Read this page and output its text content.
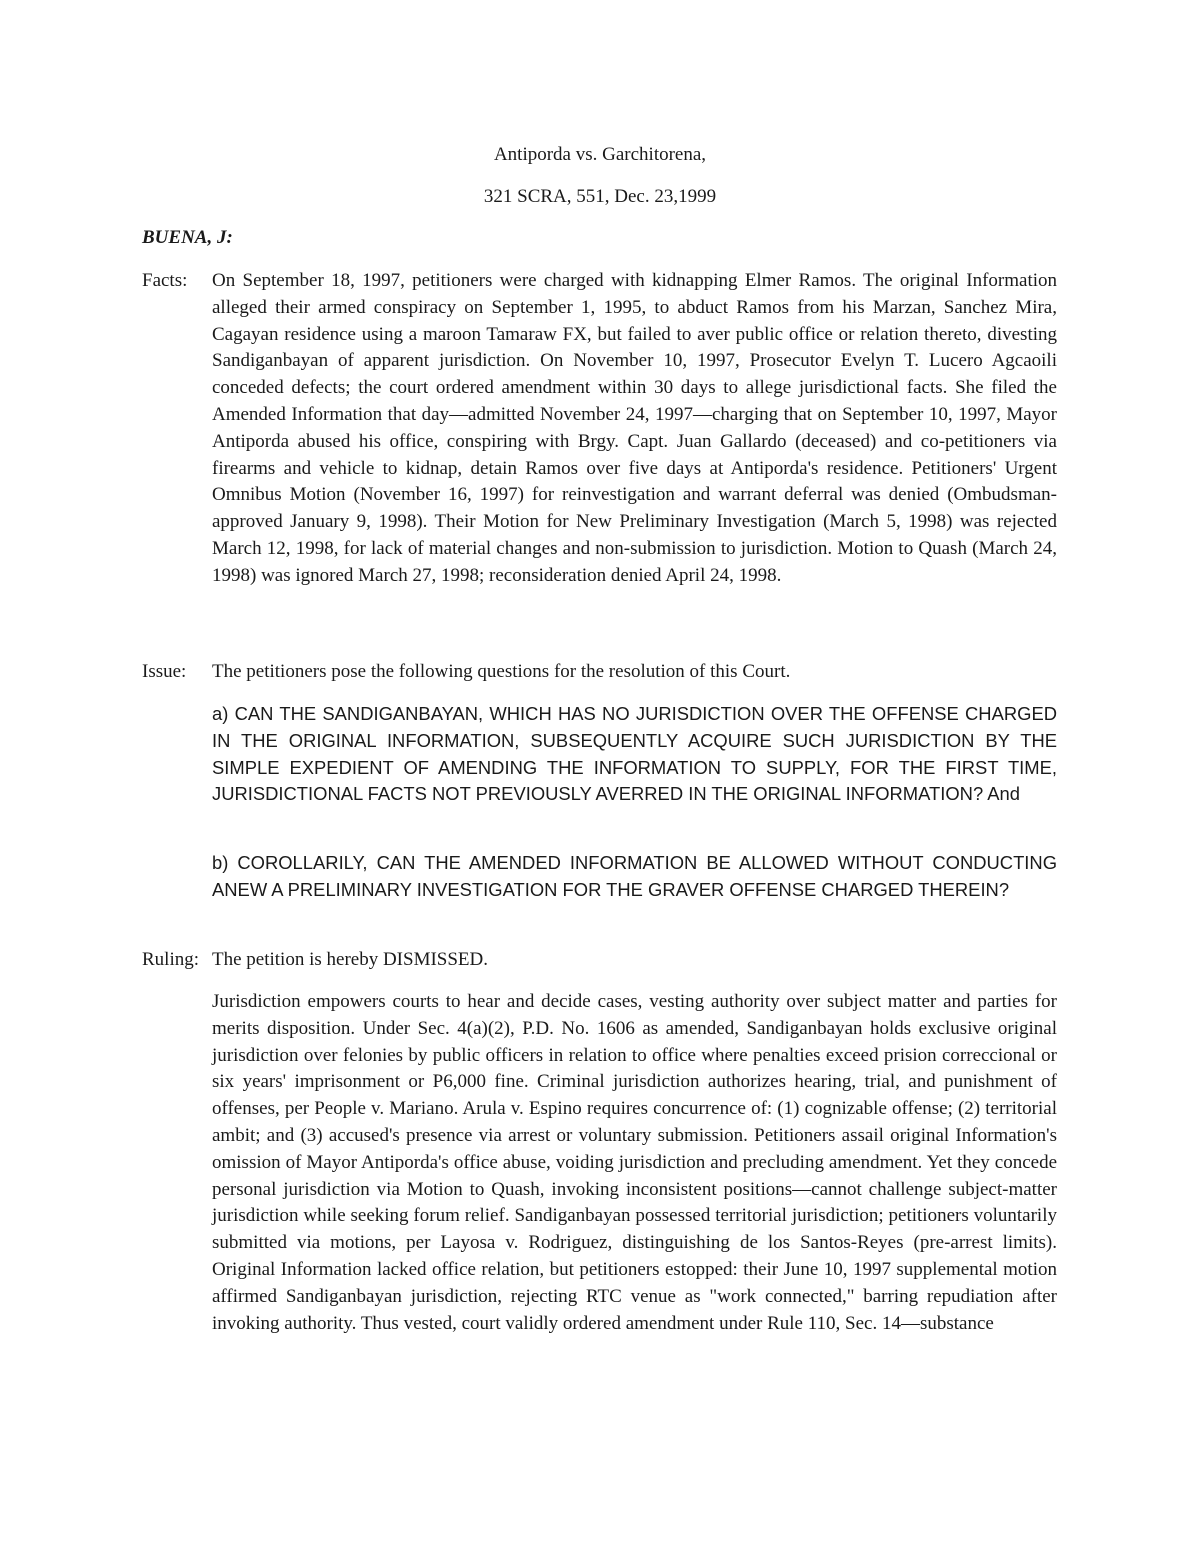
Antiporda vs. Garchitorena,
321 SCRA, 551, Dec. 23,1999
BUENA, J:
Facts: On September 18, 1997, petitioners were charged with kidnapping Elmer Ramos. The original Information alleged their armed conspiracy on September 1, 1995, to abduct Ramos from his Marzan, Sanchez Mira, Cagayan residence using a maroon Tamaraw FX, but failed to aver public office or relation thereto, divesting Sandiganbayan of apparent jurisdiction. On November 10, 1997, Prosecutor Evelyn T. Lucero Agcaoili conceded defects; the court ordered amendment within 30 days to allege jurisdictional facts. She filed the Amended Information that day—admitted November 24, 1997—charging that on September 10, 1997, Mayor Antiporda abused his office, conspiring with Brgy. Capt. Juan Gallardo (deceased) and co-petitioners via firearms and vehicle to kidnap, detain Ramos over five days at Antiporda's residence. Petitioners' Urgent Omnibus Motion (November 16, 1997) for reinvestigation and warrant deferral was denied (Ombudsman-approved January 9, 1998). Their Motion for New Preliminary Investigation (March 5, 1998) was rejected March 12, 1998, for lack of material changes and non-submission to jurisdiction. Motion to Quash (March 24, 1998) was ignored March 27, 1998; reconsideration denied April 24, 1998.

Issue: The petitioners pose the following questions for the resolution of this Court.

a) CAN THE SANDIGANBAYAN, WHICH HAS NO JURISDICTION OVER THE OFFENSE CHARGED IN THE ORIGINAL INFORMATION, SUBSEQUENTLY ACQUIRE SUCH JURISDICTION BY THE SIMPLE EXPEDIENT OF AMENDING THE INFORMATION TO SUPPLY, FOR THE FIRST TIME, JURISDICTIONAL FACTS NOT PREVIOUSLY AVERRED IN THE ORIGINAL INFORMATION? And

b) COROLLARILY, CAN THE AMENDED INFORMATION BE ALLOWED WITHOUT CONDUCTING ANEW A PRELIMINARY INVESTIGATION FOR THE GRAVER OFFENSE CHARGED THEREIN?

Ruling: The petition is hereby DISMISSED.

Jurisdiction empowers courts to hear and decide cases, vesting authority over subject matter and parties for merits disposition. Under Sec. 4(a)(2), P.D. No. 1606 as amended, Sandiganbayan holds exclusive original jurisdiction over felonies by public officers in relation to office where penalties exceed prision correccional or six years' imprisonment or P6,000 fine. Criminal jurisdiction authorizes hearing, trial, and punishment of offenses, per People v. Mariano. Arula v. Espino requires concurrence of: (1) cognizable offense; (2) territorial ambit; and (3) accused's presence via arrest or voluntary submission. Petitioners assail original Information's omission of Mayor Antiporda's office abuse, voiding jurisdiction and precluding amendment. Yet they concede personal jurisdiction via Motion to Quash, invoking inconsistent positions—cannot challenge subject-matter jurisdiction while seeking forum relief. Sandiganbayan possessed territorial jurisdiction; petitioners voluntarily submitted via motions, per Layosa v. Rodriguez, distinguishing de los Santos-Reyes (pre-arrest limits). Original Information lacked office relation, but petitioners estopped: their June 10, 1997 supplemental motion affirmed Sandiganbayan jurisdiction, rejecting RTC venue as "work connected," barring repudiation after invoking authority. Thus vested, court validly ordered amendment under Rule 110, Sec. 14—substance
